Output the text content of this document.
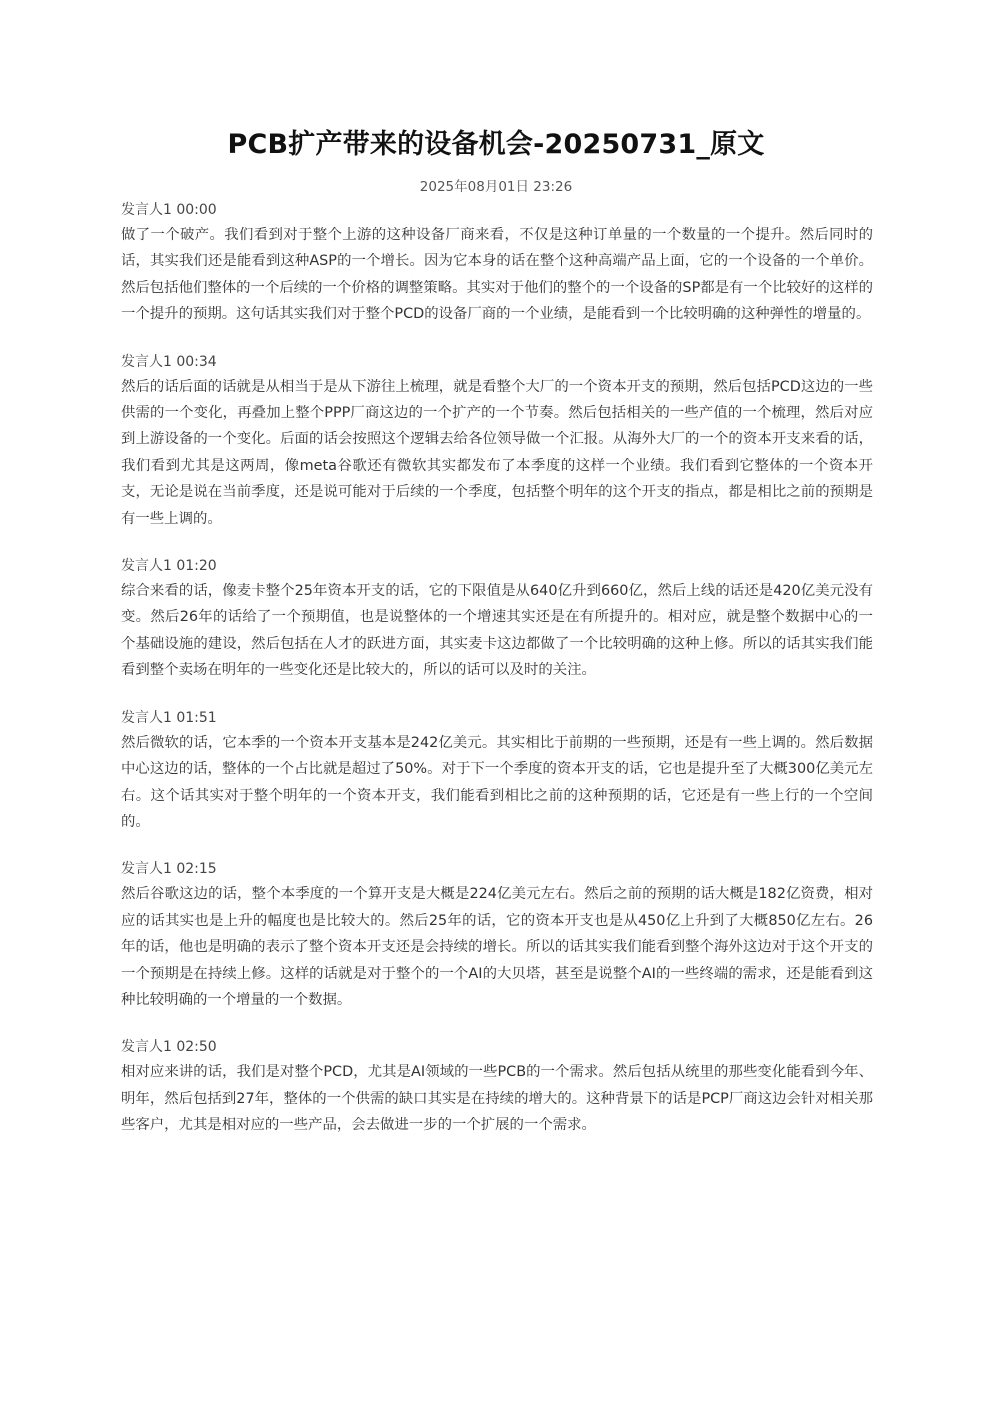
PCB扩产带来的设备机会-20250731_原文
2025年08月01日 23:26
发言人1 00:00

做了一个破产。我们看到对于整个上游的这种设备厂商来看，不仅是这种订单量的一个数量的一个提升。然后同时的话，其实我们还是能看到这种ASP的一个增长。因为它本身的话在整个这种高端产品上面，它的一个设备的一个单价。然后包括他们整体的一个后续的一个价格的调整策略。其实对于他们的整个的一个设备的SP都是有一个比较好的这样的一个提升的预期。这句话其实我们对于整个PCD的设备厂商的一个业绩，是能看到一个比较明确的这种弹性的增量的。

发言人1 00:34

然后的话后面的话就是从相当于是从下游往上梳理，就是看整个大厂的一个资本开支的预期，然后包括PCD这边的一些供需的一个变化，再叠加上整个PPP厂商这边的一个扩产的一个节奏。然后包括相关的一些产值的一个梳理，然后对应到上游设备的一个变化。后面的话会按照这个逻辑去给各位领导做一个汇报。从海外大厂的一个的资本开支来看的话，我们看到尤其是这两周，像meta谷歌还有微软其实都发布了本季度的这样一个业绩。我们看到它整体的一个资本开支，无论是说在当前季度，还是说可能对于后续的一个季度，包括整个明年的这个开支的指点，都是相比之前的预期是有一些上调的。

发言人1 01:20

综合来看的话，像麦卡整个25年资本开支的话，它的下限值是从640亿升到660亿，然后上线的话还是420亿美元没有变。然后26年的话给了一个预期值，也是说整体的一个增速其实还是在有所提升的。相对应，就是整个数据中心的一个基础设施的建设，然后包括在人才的跃进方面，其实麦卡这边都做了一个比较明确的这种上修。所以的话其实我们能看到整个卖场在明年的一些变化还是比较大的，所以的话可以及时的关注。

发言人1 01:51

然后微软的话，它本季的一个资本开支基本是242亿美元。其实相比于前期的一些预期，还是有一些上调的。然后数据中心这边的话，整体的一个占比就是超过了50%。对于下一个季度的资本开支的话，它也是提升至了大概300亿美元左右。这个话其实对于整个明年的一个资本开支，我们能看到相比之前的这种预期的话，它还是有一些上行的一个空间的。

发言人1 02:15

然后谷歌这边的话，整个本季度的一个算开支是大概是224亿美元左右。然后之前的预期的话大概是182亿资费，相对应的话其实也是上升的幅度也是比较大的。然后25年的话，它的资本开支也是从450亿上升到了大概850亿左右。26年的话，他也是明确的表示了整个资本开支还是会持续的增长。所以的话其实我们能看到整个海外这边对于这个开支的一个预期是在持续上修。这样的话就是对于整个的一个AI的大贝塔，甚至是说整个AI的一些终端的需求，还是能看到这种比较明确的一个增量的一个数据。

发言人1 02:50

相对应来讲的话，我们是对整个PCD，尤其是AI领域的一些PCB的一个需求。然后包括从统里的那些变化能看到今年、明年，然后包括到27年，整体的一个供需的缺口其实是在持续的增大的。这种背景下的话是PCP厂商这边会针对相关那些客户，尤其是相对应的一些产品，会去做进一步的一个扩展的一个需求。
